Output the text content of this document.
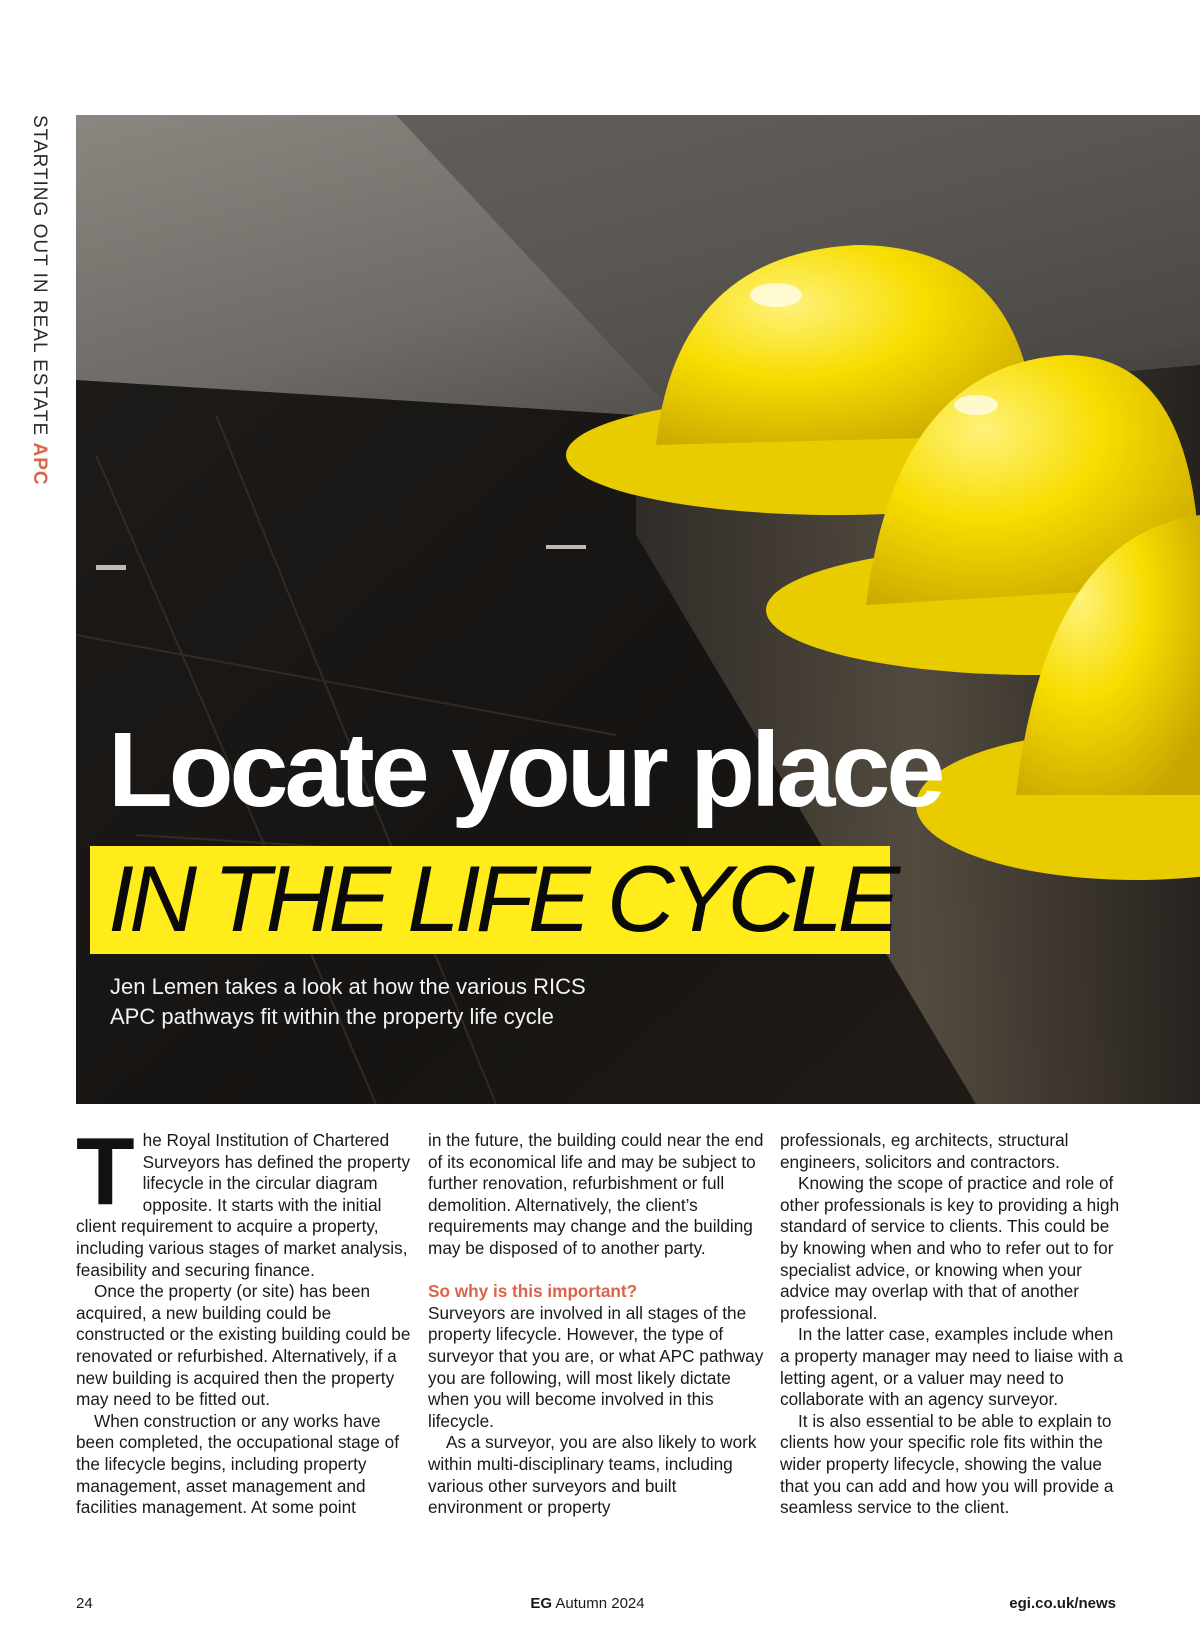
STARTING OUT IN REAL ESTATE APC
Locate your place
IN THE LIFE CYCLE
Jen Lemen takes a look at how the various RICS
APC pathways fit within the property life cycle

The Royal Institution of Chartered Surveyors has defined the property lifecycle in the circular diagram opposite. It starts with the initial client requirement to acquire a property, including various stages of market analysis, feasibility and securing finance.

Once the property (or site) has been acquired, a new building could be constructed or the existing building could be renovated or refurbished. Alternatively, if a new building is acquired then the property may need to be fitted out.

When construction or any works have been completed, the occupational stage of the lifecycle begins, including property management, asset management and facilities management. At some point

in the future, the building could near the end of its economical life and may be subject to further renovation, refurbishment or full demolition. Alternatively, the client’s requirements may change and the building may be disposed of to another party.

So why is this important?

Surveyors are involved in all stages of the property lifecycle. However, the type of surveyor that you are, or what APC pathway you are following, will most likely dictate when you will become involved in this lifecycle.

As a surveyor, you are also likely to work within multi-disciplinary teams, including various other surveyors and built environment or property

professionals, eg architects, structural engineers, solicitors and contractors.

Knowing the scope of practice and role of other professionals is key to providing a high standard of service to clients. This could be by knowing when and who to refer out to for specialist advice, or knowing when your advice may overlap with that of another professional.

In the latter case, examples include when a property manager may need to liaise with a letting agent, or a valuer may need to collaborate with an agency surveyor.

It is also essential to be able to explain to clients how your specific role fits within the wider property lifecycle, showing the value that you can add and how you will provide a seamless service to the client.

24	EG Autumn 2024	egi.co.uk/news
